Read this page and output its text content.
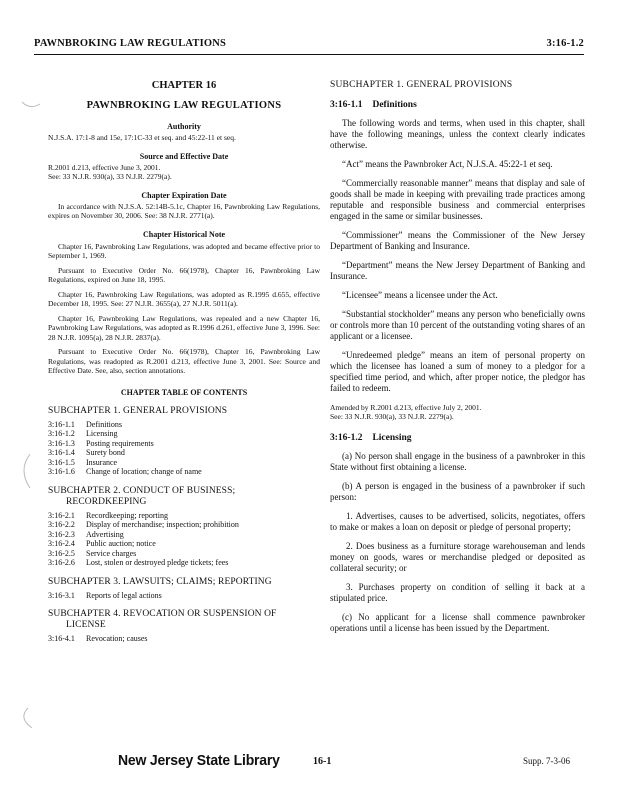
PAWNBROKING LAW REGULATIONS	3:16-1.2
CHAPTER 16
PAWNBROKING LAW REGULATIONS
Authority

N.J.S.A. 17:1-8 and 15e, 17:1C-33 et seq. and 45:22-11 et seq.

Source and Effective Date

R.2001 d.213, effective June 3, 2001.

See: 33 N.J.R. 930(a), 33 N.J.R. 2279(a).

Chapter Expiration Date

In accordance with N.J.S.A. 52:14B-5.1c, Chapter 16, Pawnbroking Law Regulations, expires on November 30, 2006. See: 38 N.J.R. 2771(a).

Chapter Historical Note

Chapter 16, Pawnbroking Law Regulations, was adopted and became effective prior to September 1, 1969.

Pursuant to Executive Order No. 66(1978), Chapter 16, Pawnbroking Law Regulations, expired on June 18, 1995.

Chapter 16, Pawnbroking Law Regulations, was adopted as R.1995 d.655, effective December 18, 1995. See: 27 N.J.R. 3655(a), 27 N.J.R. 5011(a).

Chapter 16, Pawnbroking Law Regulations, was repealed and a new Chapter 16, Pawnbroking Law Regulations, was adopted as R.1996 d.261, effective June 3, 1996. See: 28 N.J.R. 1095(a), 28 N.J.R. 2837(a).

Pursuant to Executive Order No. 66(1978), Chapter 16, Pawnbroking Law Regulations, was readopted as R.2001 d.213, effective June 3, 2001. See: Source and Effective Date. See, also, section annotations.

CHAPTER TABLE OF CONTENTS
SUBCHAPTER 1. GENERAL PROVISIONS
3:16-1.1	Definitions
3:16-1.2	Licensing
3:16-1.3	Posting requirements
3:16-1.4	Surety bond
3:16-1.5	Insurance
3:16-1.6	Change of location; change of name
SUBCHAPTER 2. CONDUCT OF BUSINESS;
RECORDKEEPING
3:16-2.1	Recordkeeping; reporting
3:16-2.2	Display of merchandise; inspection; prohibition
3:16-2.3	Advertising
3:16-2.4	Public auction; notice
3:16-2.5	Service charges
3:16-2.6	Lost, stolen or destroyed pledge tickets; fees
SUBCHAPTER 3. LAWSUITS; CLAIMS; REPORTING
3:16-3.1	Reports of legal actions
SUBCHAPTER 4. REVOCATION OR SUSPENSION OF
LICENSE
3:16-4.1	Revocation; causes
SUBCHAPTER 1. GENERAL PROVISIONS
3:16-1.1 Definitions

The following words and terms, when used in this chapter, shall have the following meanings, unless the context clearly indicates otherwise.

“Act” means the Pawnbroker Act, N.J.S.A. 45:22-1 et seq.

“Commercially reasonable manner” means that display and sale of goods shall be made in keeping with prevailing trade practices among reputable and responsible business and commercial enterprises engaged in the same or similar businesses.

“Commissioner” means the Commissioner of the New Jersey Department of Banking and Insurance.

“Department” means the New Jersey Department of Banking and Insurance.

“Licensee” means a licensee under the Act.

“Substantial stockholder” means any person who beneficially owns or controls more than 10 percent of the outstanding voting shares of an applicant or a licensee.

“Unredeemed pledge” means an item of personal property on which the licensee has loaned a sum of money to a pledgor for a specified time period, and which, after proper notice, the pledgor has failed to redeem.

Amended by R.2001 d.213, effective July 2, 2001.
See: 33 N.J.R. 930(a), 33 N.J.R. 2279(a).
3:16-1.2 Licensing

(a) No person shall engage in the business of a pawnbroker in this State without first obtaining a license.

(b) A person is engaged in the business of a pawnbroker if such person:

1. Advertises, causes to be advertised, solicits, negotiates, offers to make or makes a loan on deposit or pledge of personal property;

2. Does business as a furniture storage warehouseman and lends money on goods, wares or merchandise pledged or deposited as collateral security; or

3. Purchases property on condition of selling it back at a stipulated price.

(c) No applicant for a license shall commence pawnbroker operations until a license has been issued by the Department.

New Jersey State Library	16-1	Supp. 7-3-06
